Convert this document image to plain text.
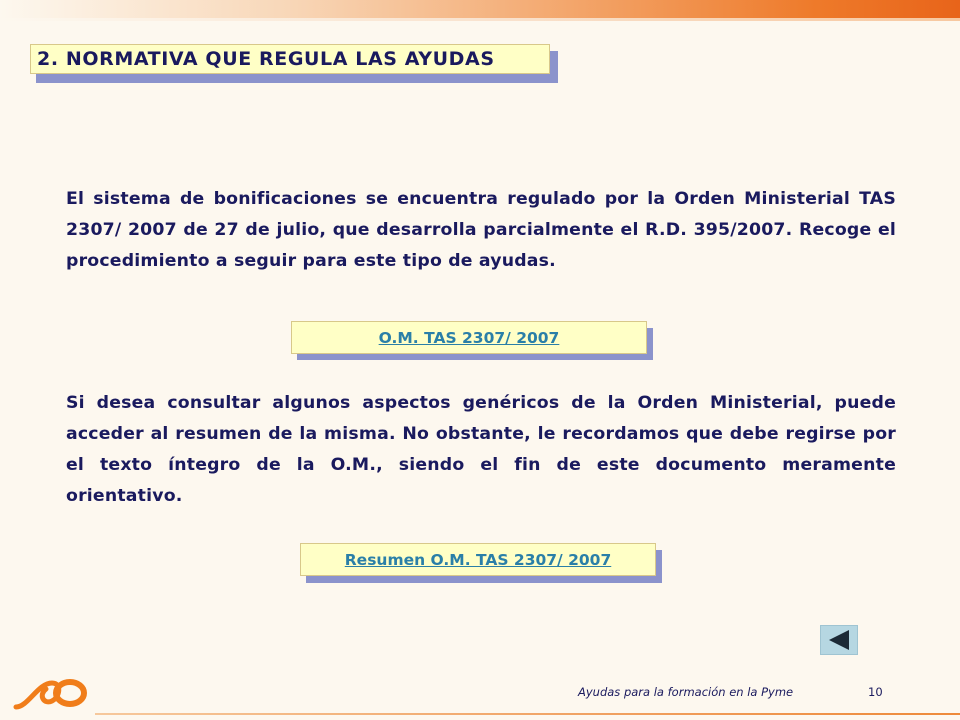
2. NORMATIVA QUE REGULA LAS AYUDAS
El sistema de bonificaciones se encuentra regulado por la Orden Ministerial TAS 2307/ 2007 de 27 de julio, que desarrolla parcialmente el R.D. 395/2007. Recoge el procedimiento a seguir para este tipo de ayudas.
O.M. TAS 2307/ 2007
Si desea consultar algunos aspectos genéricos de la Orden Ministerial, puede acceder al resumen de la misma. No obstante, le recordamos que debe regirse por el texto íntegro de la O.M., siendo el fin de este documento meramente orientativo.
Resumen O.M. TAS 2307/ 2007
Ayudas para la formación en la Pyme	10
